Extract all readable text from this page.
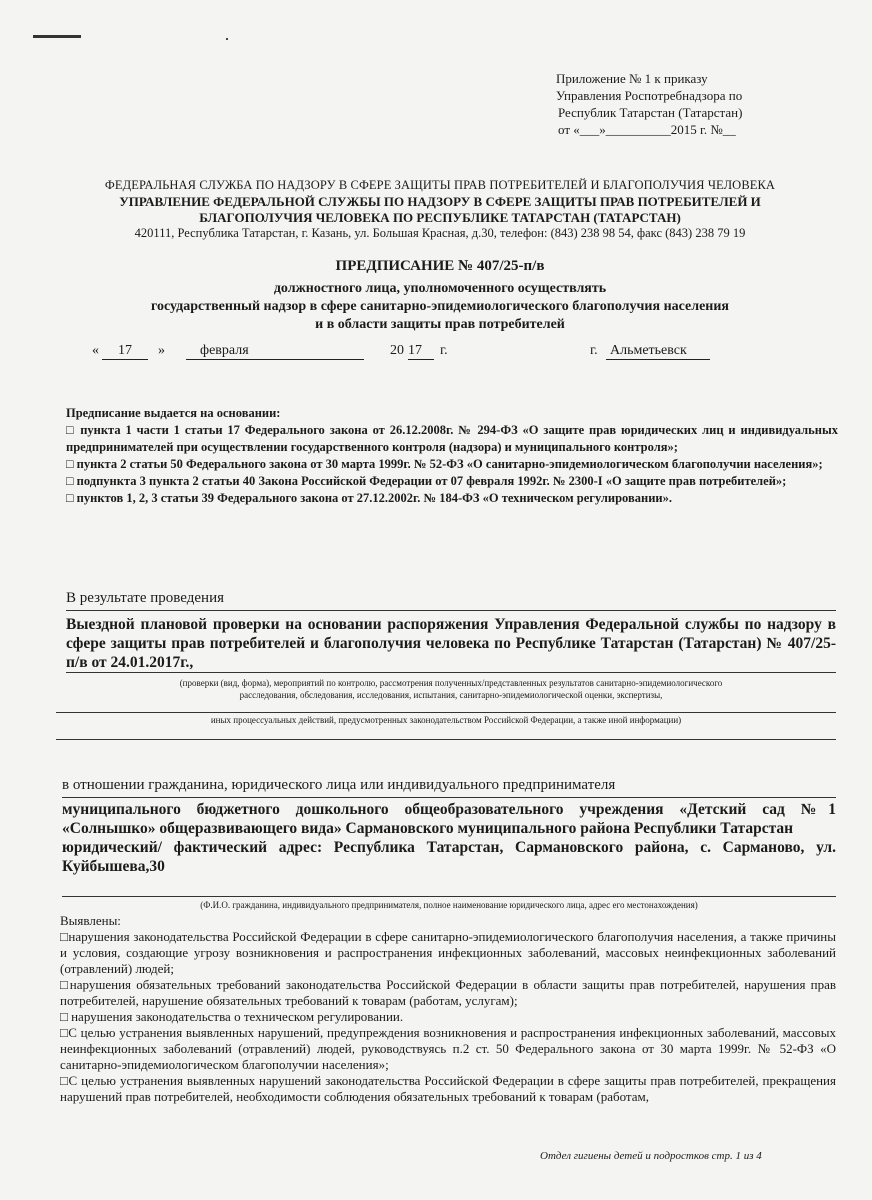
Приложение № 1 к приказу
Управления Роспотребнадзора по
Республик Татарстан (Татарстан)
от «___»__________2015 г. №__
ФЕДЕРАЛЬНАЯ СЛУЖБА ПО НАДЗОРУ В СФЕРЕ ЗАЩИТЫ ПРАВ ПОТРЕБИТЕЛЕЙ И БЛАГОПОЛУЧИЯ ЧЕЛОВЕКА
УПРАВЛЕНИЕ ФЕДЕРАЛЬНОЙ СЛУЖБЫ ПО НАДЗОРУ В СФЕРЕ ЗАЩИТЫ ПРАВ ПОТРЕБИТЕЛЕЙ И
БЛАГОПОЛУЧИЯ ЧЕЛОВЕКА ПО РЕСПУБЛИКЕ ТАТАРСТАН (ТАТАРСТАН)
420111, Республика Татарстан, г. Казань, ул. Большая Красная, д.30, телефон: (843) 238 98 54, факс (843) 238 79 19
ПРЕДПИСАНИЕ № 407/25-п/в
должностного лица, уполномоченного осуществлять
государственный надзор в сфере санитарно-эпидемиологического благополучия населения
и в области защиты прав потребителей
«	17	»	февраля	20 17	г.	г. Альметьевск

Предписание выдается на основании:

□ пункта 1 части 1 статьи 17 Федерального закона от 26.12.2008г. № 294-ФЗ «О защите прав юридических лиц и индивидуальных предпринимателей при осуществлении государственного контроля (надзора) и муниципального контроля»;

□ пункта 2 статьи 50 Федерального закона от 30 марта 1999г. № 52-ФЗ «О санитарно-эпидемиологическом благополучии населения»;

□ подпункта 3 пункта 2 статьи 40 Закона Российской Федерации от 07 февраля 1992г. № 2300-I «О защите прав потребителей»;

□ пунктов 1, 2, 3 статьи 39 Федерального закона от 27.12.2002г. № 184-ФЗ «О техническом регулировании».

В результате проведения
Выездной плановой проверки на основании распоряжения Управления Федеральной службы по надзору в сфере защиты прав потребителей и благополучия человека по Республике Татарстан (Татарстан) № 407/25-п/в от 24.01.2017г.,
(проверки (вид, форма), мероприятий по контролю, рассмотрения полученных/представленных результатов санитарно-эпидемиологического
расследования, обследования, исследования, испытания, санитарно-эпидемиологической оценки, экспертизы,
иных процессуальных действий, предусмотренных законодательством Российской Федерации, а также иной информации)
в отношении гражданина, юридического лица или индивидуального предпринимателя
муниципального бюджетного дошкольного общеобразовательного учреждения «Детский сад №1 «Солнышко» общеразвивающего вида» Сармановского муниципального района Республики Татарстан
юридический/ фактический адрес: Республика Татарстан, Сармановского района, с. Сарманово, ул. Куйбышева,30
(Ф.И.О. гражданина, индивидуального предпринимателя, полное наименование юридического лица, адрес его местонахождения)

Выявлены:

□нарушения законодательства Российской Федерации в сфере санитарно-эпидемиологического благополучия населения, а также причины и условия, создающие угрозу возникновения и распространения инфекционных заболеваний, массовых неинфекционных заболеваний (отравлений) людей;

□нарушения обязательных требований законодательства Российской Федерации в области защиты прав потребителей, нарушения прав потребителей, нарушение обязательных требований к товарам (работам, услугам);

□ нарушения законодательства о техническом регулировании.

□С целью устранения выявленных нарушений, предупреждения возникновения и распространения инфекционных заболеваний, массовых неинфекционных заболеваний (отравлений) людей, руководствуясь п.2 ст. 50 Федерального закона от 30 марта 1999г. № 52-ФЗ «О санитарно-эпидемиологическом благополучии населения»;

□С целью устранения выявленных нарушений законодательства Российской Федерации в сфере защиты прав потребителей, прекращения нарушений прав потребителей, необходимости соблюдения обязательных требований к товарам (работам,

Отдел гигиены детей и подростков стр. 1 из 4
